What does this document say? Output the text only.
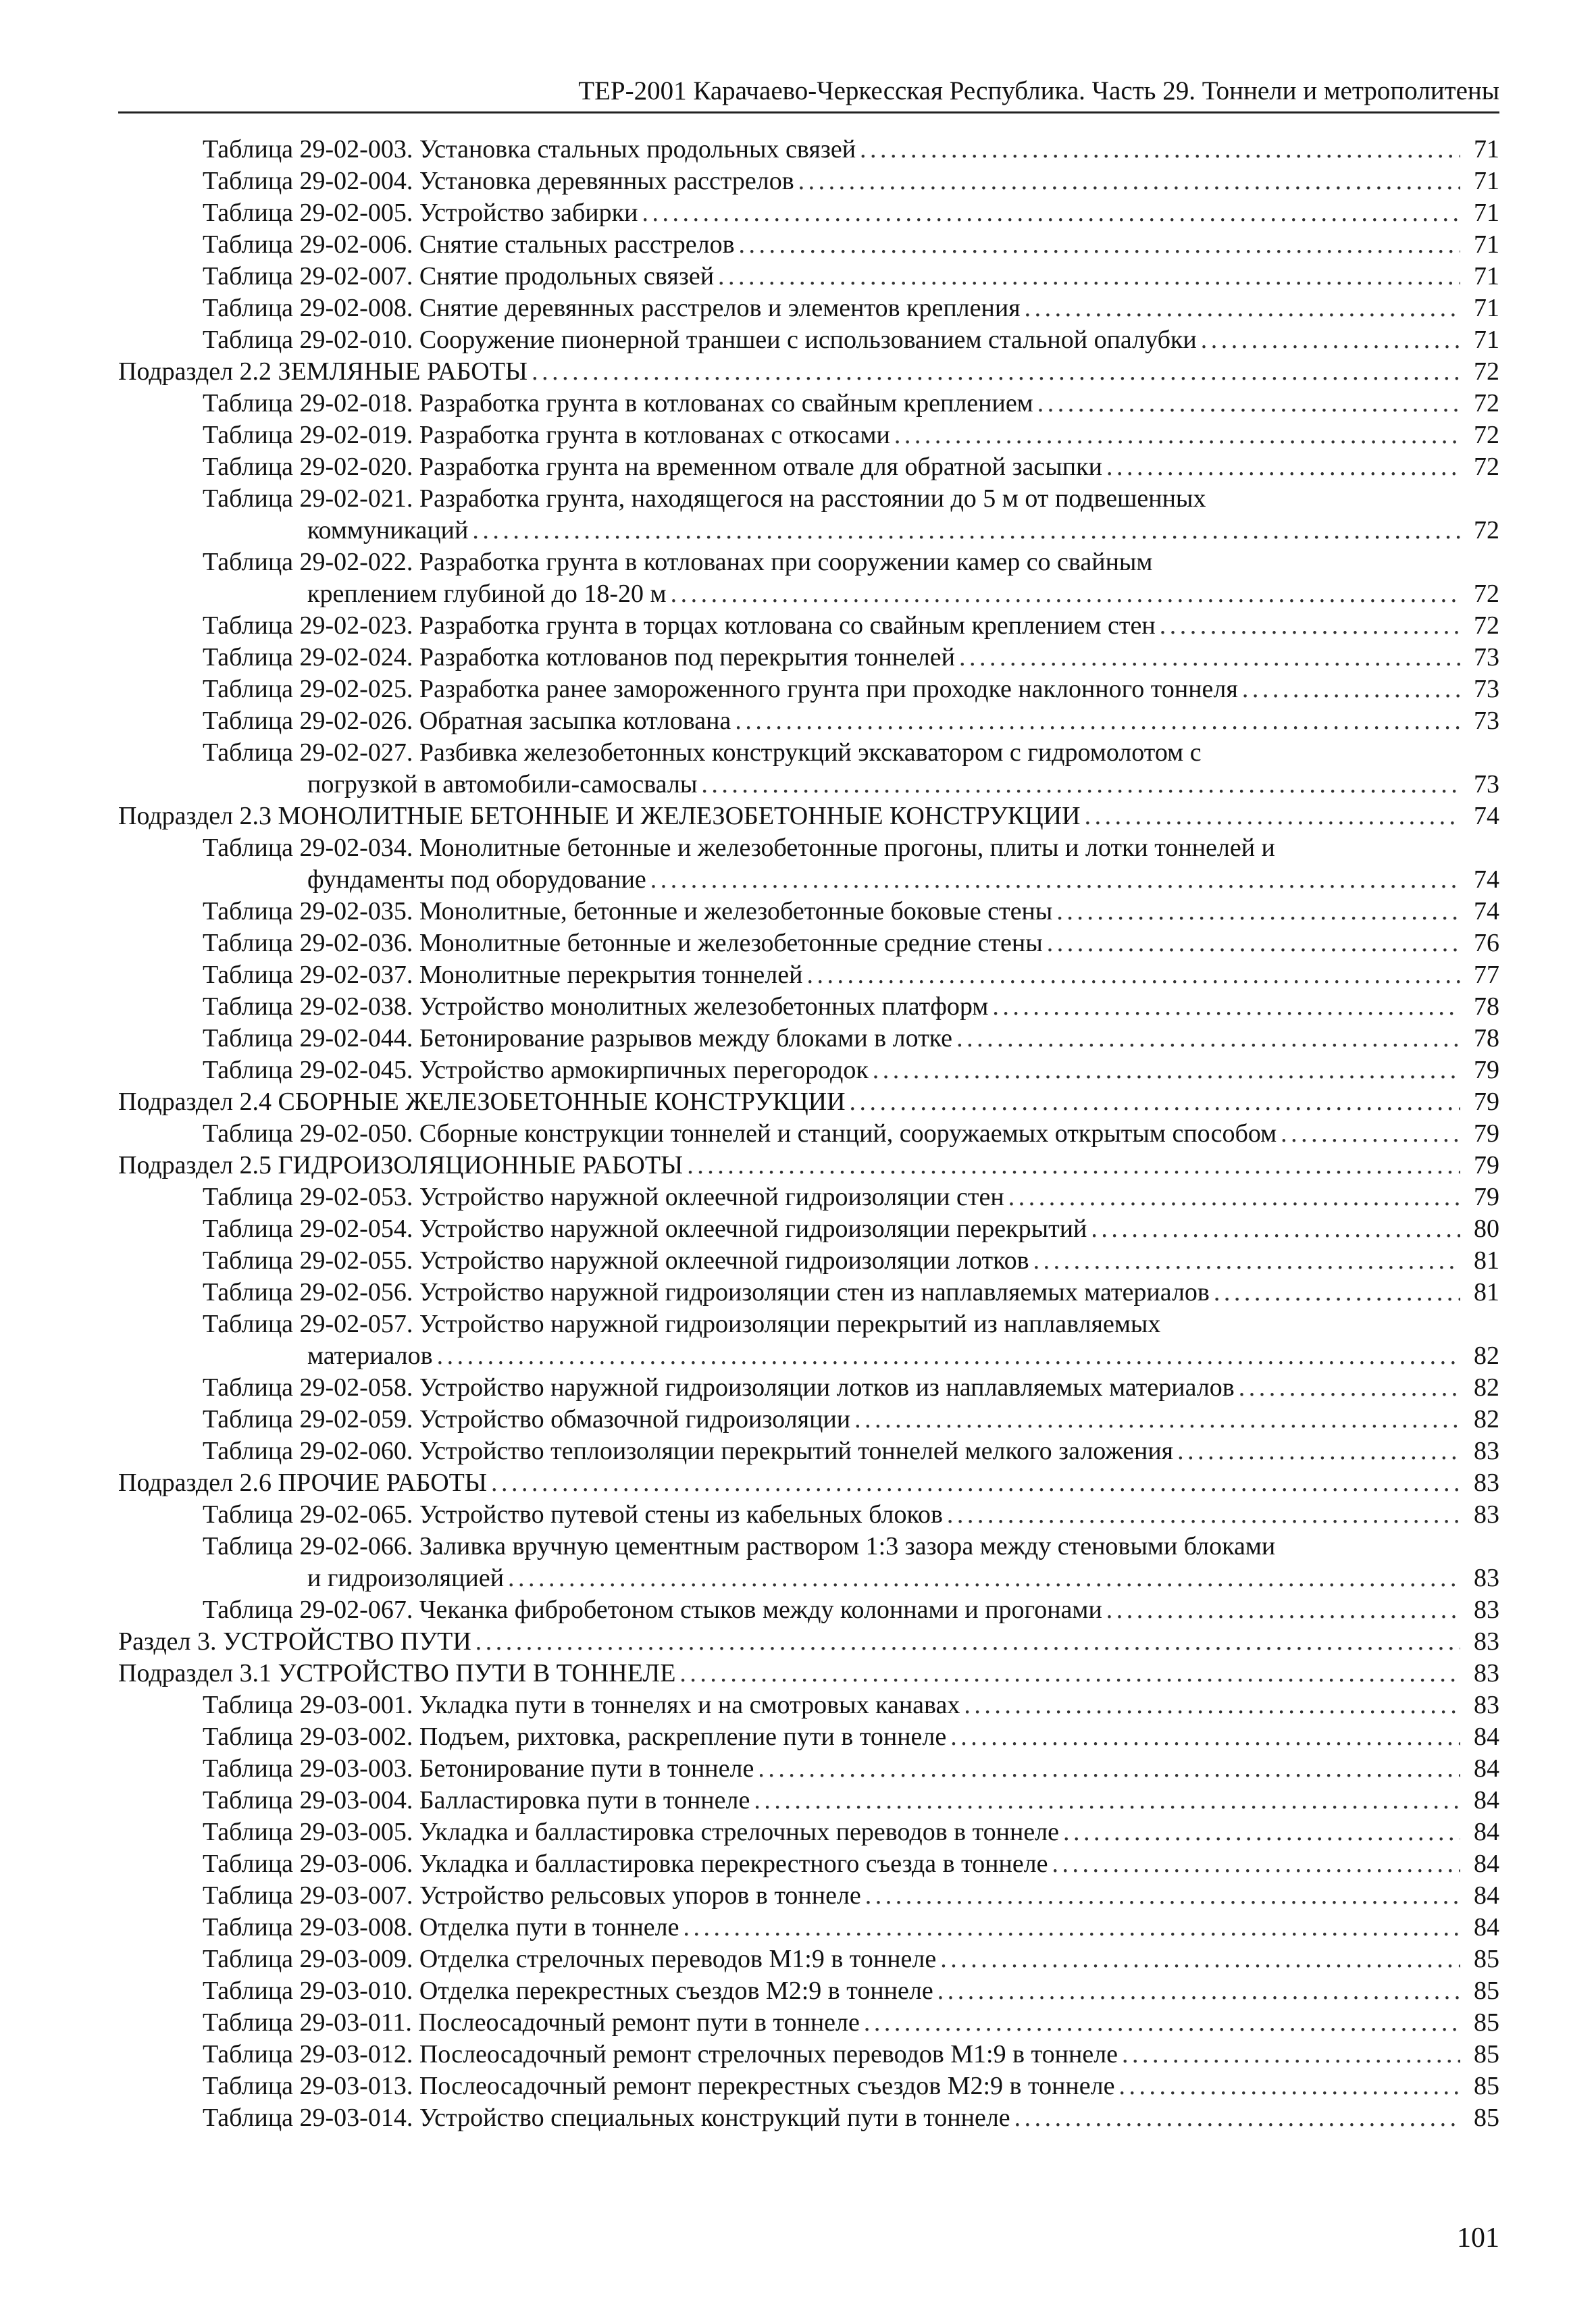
ТЕР-2001 Карачаево-Черкесская Республика. Часть 29. Тоннели и метрополитены
Таблица 29-02-003. Установка стальных продольных связей . . .	71
Таблица 29-02-004. Установка деревянных расстрелов . . .	71
Таблица 29-02-005. Устройство забирки . . .	71
Таблица 29-02-006. Снятие стальных расстрелов . . .	71
Таблица 29-02-007. Снятие продольных связей . . .	71
Таблица 29-02-008. Снятие деревянных расстрелов и элементов крепления . . .	71
Таблица 29-02-010. Сооружение пионерной траншеи с использованием стальной опалубки . . .	71
Подраздел 2.2 ЗЕМЛЯНЫЕ РАБОТЫ . . .	72
Таблица 29-02-018. Разработка грунта в котлованах со свайным креплением . . .	72
Таблица 29-02-019. Разработка грунта в котлованах с откосами . . .	72
Таблица 29-02-020. Разработка грунта на временном отвале для обратной засыпки . . .	72
Таблица 29-02-021. Разработка грунта, находящегося на расстоянии до 5 м от подвешенных
коммуникаций . . .	72
Таблица 29-02-022. Разработка грунта в котлованах при сооружении камер со свайным
креплением глубиной до 18-20 м . . .	72
Таблица 29-02-023. Разработка грунта в торцах котлована со свайным креплением стен . . .	72
Таблица 29-02-024. Разработка котлованов под перекрытия тоннелей . . .	73
Таблица 29-02-025. Разработка ранее замороженного грунта при проходке наклонного тоннеля . . .	73
Таблица 29-02-026. Обратная засыпка котлована . . .	73
Таблица 29-02-027. Разбивка железобетонных конструкций экскаватором с гидромолотом с
погрузкой в автомобили-самосвалы . . .	73
Подраздел 2.3 МОНОЛИТНЫЕ БЕТОННЫЕ И ЖЕЛЕЗОБЕТОННЫЕ КОНСТРУКЦИИ . . .	74
Таблица 29-02-034. Монолитные бетонные и железобетонные прогоны, плиты и лотки тоннелей и
фундаменты под оборудование . . .	74
Таблица 29-02-035. Монолитные, бетонные и железобетонные боковые стены . . .	74
Таблица 29-02-036. Монолитные бетонные и железобетонные средние стены . . .	76
Таблица 29-02-037. Монолитные перекрытия тоннелей . . .	77
Таблица 29-02-038. Устройство монолитных железобетонных платформ . . .	78
Таблица 29-02-044. Бетонирование разрывов между блоками в лотке . . .	78
Таблица 29-02-045. Устройство армокирпичных перегородок . . .	79
Подраздел 2.4 СБОРНЫЕ ЖЕЛЕЗОБЕТОННЫЕ КОНСТРУКЦИИ . . .	79
Таблица 29-02-050. Сборные конструкции тоннелей и станций, сооружаемых открытым способом . . .	79
Подраздел 2.5 ГИДРОИЗОЛЯЦИОННЫЕ РАБОТЫ . . .	79
Таблица 29-02-053. Устройство наружной оклеечной гидроизоляции стен . . .	79
Таблица 29-02-054. Устройство наружной оклеечной гидроизоляции перекрытий . . .	80
Таблица 29-02-055. Устройство наружной оклеечной гидроизоляции лотков . . .	81
Таблица 29-02-056. Устройство наружной гидроизоляции стен из наплавляемых материалов . . .	81
Таблица 29-02-057. Устройство наружной гидроизоляции перекрытий из наплавляемых
материалов . . .	82
Таблица 29-02-058. Устройство наружной гидроизоляции лотков из наплавляемых материалов . . .	82
Таблица 29-02-059. Устройство обмазочной гидроизоляции . . .	82
Таблица 29-02-060. Устройство теплоизоляции перекрытий тоннелей мелкого заложения . . .	83
Подраздел 2.6 ПРОЧИЕ РАБОТЫ . . .	83
Таблица 29-02-065. Устройство путевой стены из кабельных блоков . . .	83
Таблица 29-02-066. Заливка вручную цементным раствором 1:3 зазора между стеновыми блоками
и гидроизоляцией . . .	83
Таблица 29-02-067. Чеканка фибробетоном стыков между колоннами и прогонами . . .	83
Раздел 3. УСТРОЙСТВО ПУТИ . . .	83
Подраздел 3.1 УСТРОЙСТВО ПУТИ В ТОННЕЛЕ . . .	83
Таблица 29-03-001. Укладка пути в тоннелях и на смотровых канавах . . .	83
Таблица 29-03-002. Подъем, рихтовка, раскрепление пути в тоннеле . . .	84
Таблица 29-03-003. Бетонирование пути в тоннеле . . .	84
Таблица 29-03-004. Балластировка пути в тоннеле . . .	84
Таблица 29-03-005. Укладка и балластировка стрелочных переводов в тоннеле . . .	84
Таблица 29-03-006. Укладка и балластировка перекрестного съезда в тоннеле . . .	84
Таблица 29-03-007. Устройство рельсовых упоров в тоннеле . . .	84
Таблица 29-03-008. Отделка пути в тоннеле . . .	84
Таблица 29-03-009. Отделка стрелочных переводов М1:9 в тоннеле . . .	85
Таблица 29-03-010. Отделка перекрестных съездов М2:9 в тоннеле . . .	85
Таблица 29-03-011. Послеосадочный ремонт пути в тоннеле . . .	85
Таблица 29-03-012. Послеосадочный ремонт стрелочных переводов М1:9 в тоннеле . . .	85
Таблица 29-03-013. Послеосадочный ремонт перекрестных съездов М2:9 в тоннеле . . .	85
Таблица 29-03-014. Устройство специальных конструкций пути в тоннеле . . .	85
101
